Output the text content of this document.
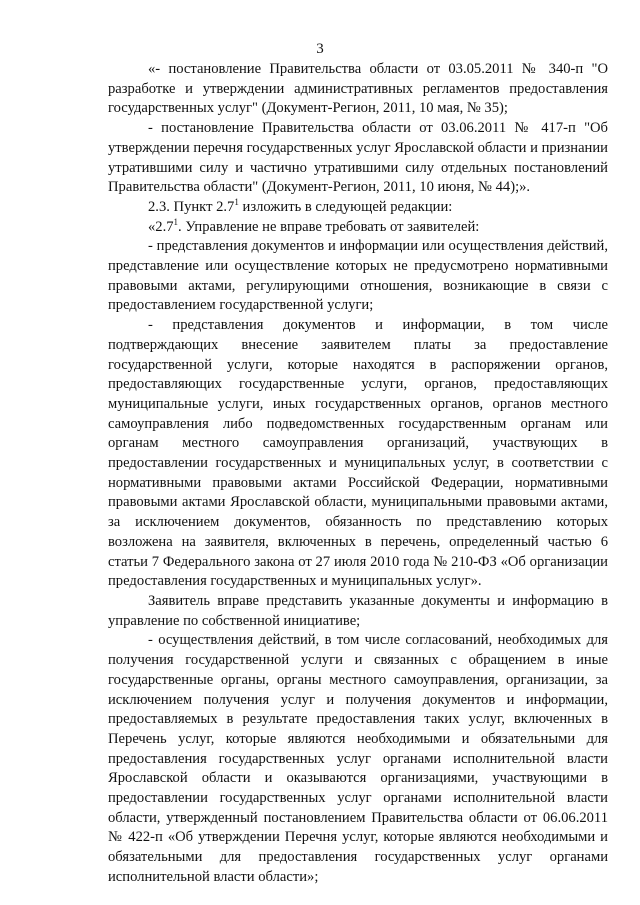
3

«- постановление Правительства области от 03.05.2011 № 340-п "О разработке и утверждении административных регламентов предоставления государственных услуг" (Документ-Регион, 2011, 10 мая, № 35);

- постановление Правительства области от 03.06.2011 № 417-п "Об утверждении перечня государственных услуг Ярославской области и признании утратившими силу и частично утратившими силу отдельных постановлений Правительства области" (Документ-Регион, 2011, 10 июня, № 44);».

2.3. Пункт $2.7^1$ изложить в следующей редакции:

«$2.7^1$. Управление не вправе требовать от заявителей:

- представления документов и информации или осуществления действий, представление или осуществление которых не предусмотрено нормативными правовыми актами, регулирующими отношения, возникающие в связи с предоставлением государственной услуги;

- представления документов и информации, в том числе подтверждающих внесение заявителем платы за предоставление государственной услуги, которые находятся в распоряжении органов, предоставляющих государственные услуги, органов, предоставляющих муниципальные услуги, иных государственных органов, органов местного самоуправления либо подведомственных государственным органам или органам местного самоуправления организаций, участвующих в предоставлении государственных и муниципальных услуг, в соответствии с нормативными правовыми актами Российской Федерации, нормативными правовыми актами Ярославской области, муниципальными правовыми актами, за исключением документов, обязанность по представлению которых возложена на заявителя, включенных в перечень, определенный частью 6 статьи 7 Федерального закона от 27 июля 2010 года № 210-ФЗ «Об организации предоставления государственных и муниципальных услуг».

Заявитель вправе представить указанные документы и информацию в управление по собственной инициативе;

- осуществления действий, в том числе согласований, необходимых для получения государственной услуги и связанных с обращением в иные государственные органы, органы местного самоуправления, организации, за исключением получения услуг и получения документов и информации, предоставляемых в результате предоставления таких услуг, включенных в Перечень услуг, которые являются необходимыми и обязательными для предоставления государственных услуг органами исполнительной власти Ярославской области и оказываются организациями, участвующими в предоставлении государственных услуг органами исполнительной власти области, утвержденный постановлением Правительства области от 06.06.2011 № 422-п «Об утверждении Перечня услуг, которые являются необходимыми и обязательными для предоставления государственных услуг органами исполнительной власти области»;
